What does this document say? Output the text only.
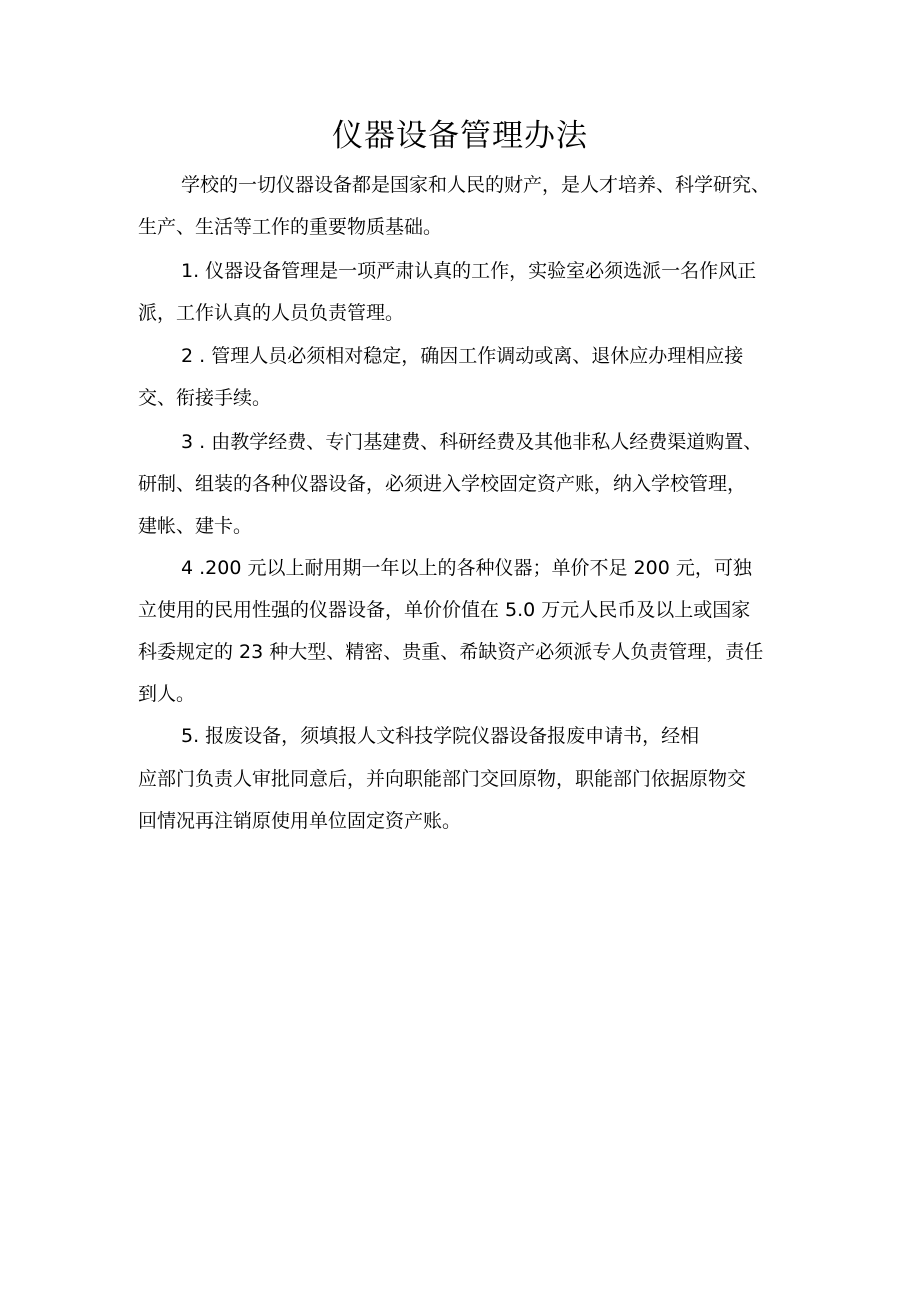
仪器设备管理办法
学校的一切仪器设备都是国家和人民的财产，是人才培养、科学研究、
生产、生活等工作的重要物质基础。
1. 仪器设备管理是一项严肃认真的工作，实验室必须选派一名作风正
派，工作认真的人员负责管理。
2 . 管理人员必须相对稳定，确因工作调动或离、退休应办理相应接
交、衔接手续。
3 . 由教学经费、专门基建费、科研经费及其他非私人经费渠道购置、
研制、组装的各种仪器设备，必须进入学校固定资产账，纳入学校管理，
建帐、建卡。
4 .200 元以上耐用期一年以上的各种仪器；单价不足 200 元，可独
立使用的民用性强的仪器设备，单价价值在 5.0 万元人民币及以上或国家
科委规定的 23 种大型、精密、贵重、希缺资产必须派专人负责管理，责任
到人。
5. 报废设备，须填报人文科技学院仪器设备报废申请书，经相
应部门负责人审批同意后，并向职能部门交回原物，职能部门依据原物交
回情况再注销原使用单位固定资产账。
